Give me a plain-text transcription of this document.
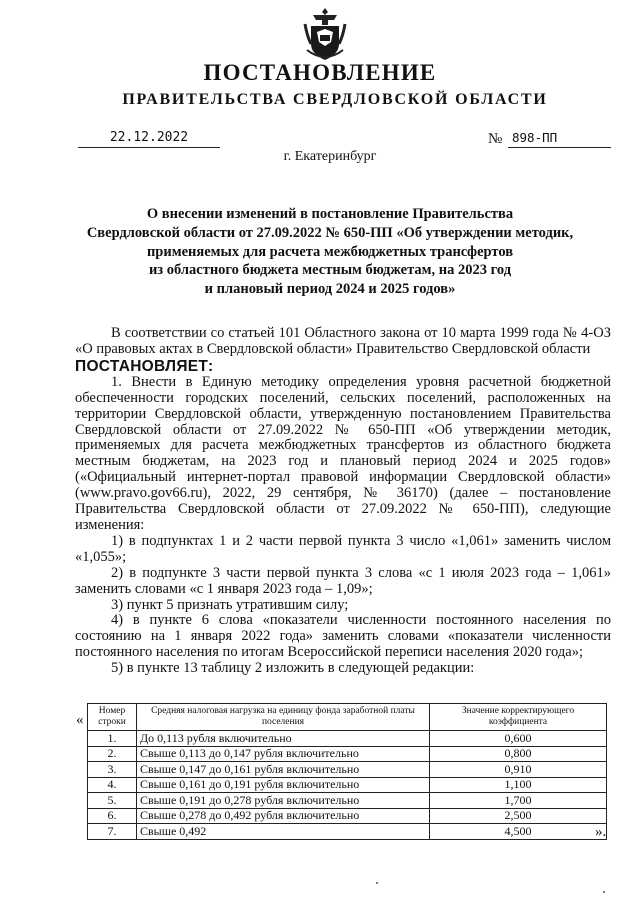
ПОСТАНОВЛЕНИЕ
ПРАВИТЕЛЬСТВА СВЕРДЛОВСКОЙ ОБЛАСТИ
22.12.2022	№ 898-ПП
г. Екатеринбург
О внесении изменений в постановление Правительства
Свердловской области от 27.09.2022 № 650-ПП «Об утверждении методик,
применяемых для расчета межбюджетных трансфертов
из областного бюджета местным бюджетам, на 2023 год
и плановый период 2024 и 2025 годов»

В соответствии со статьей 101 Областного закона от 10 марта 1999 года № 4-ОЗ «О правовых актах в Свердловской области» Правительство Свердловской области

ПОСТАНОВЛЯЕТ:

1. Внести в Единую методику определения уровня расчетной бюджетной обеспеченности городских поселений, сельских поселений, расположенных на территории Свердловской области, утвержденную постановлением Правительства Свердловской области от 27.09.2022 № 650-ПП «Об утверждении методик, применяемых для расчета межбюджетных трансфертов из областного бюджета местным бюджетам, на 2023 год и плановый период 2024 и 2025 годов» («Официальный интернет-портал правовой информации Свердловской области» (www.pravo.gov66.ru), 2022, 29 сентября, № 36170) (далее – постановление Правительства Свердловской области от 27.09.2022 № 650-ПП), следующие изменения:

1) в подпунктах 1 и 2 части первой пункта 3 число «1,061» заменить числом «1,055»;

2) в подпункте 3 части первой пункта 3 слова «с 1 июля 2023 года – 1,061» заменить словами «с 1 января 2023 года – 1,09»;

3) пункт 5 признать утратившим силу;

4) в пункте 6 слова «показатели численности постоянного населения по состоянию на 1 января 2022 года» заменить словами «показатели численности постоянного населения по итогам Всероссийской переписи населения 2020 года»;

5) в пункте 13 таблицу 2 изложить в следующей редакции:

«
Номер строки	Средняя налоговая нагрузка на единицу фонда заработной платы поселения	Значение корректирующего коэффициента
1.	До 0,113 рубля включительно	0,600
2.	Свыше 0,113 до 0,147 рубля включительно	0,800
3.	Свыше 0,147 до 0,161 рубля включительно	0,910
4.	Свыше 0,161 до 0,191 рубля включительно	1,100
5.	Свыше 0,191 до 0,278 рубля включительно	1,700
6.	Свыше 0,278 до 0,492 рубля включительно	2,500
7.	Свыше 0,492	4,500	».
